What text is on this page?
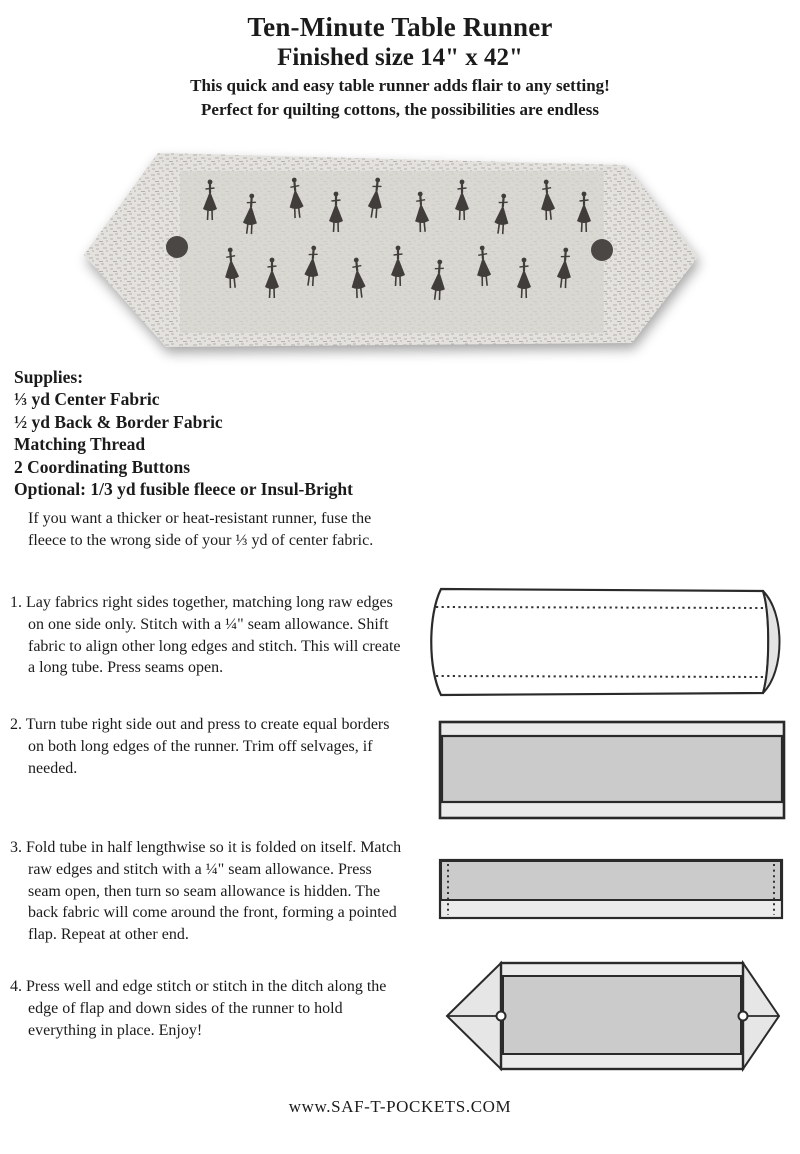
Ten-Minute Table Runner
Finished size 14" x 42"
This quick and easy table runner adds flair to any setting!
Perfect for quilting cottons, the possibilities are endless
Supplies:
⅓ yd Center Fabric
½ yd Back & Border Fabric
Matching Thread
2 Coordinating Buttons
Optional: 1/3 yd fusible fleece or Insul-Bright
If you want a thicker or heat-resistant runner, fuse the fleece to the wrong side of your ⅓ yd of center fabric.
1. Lay fabrics right sides together, matching long raw edges on one side only. Stitch with a ¼" seam allowance. Shift fabric to align other long edges and stitch. This will create a long tube. Press seams open.
2. Turn tube right side out and press to create equal borders on both long edges of the runner. Trim off selvages, if needed.
3. Fold tube in half lengthwise so it is folded on itself. Match raw edges and stitch with a ¼" seam allowance. Press seam open, then turn so seam allowance is hidden. The back fabric will come around the front, forming a pointed flap. Repeat at other end.
4. Press well and edge stitch or stitch in the ditch along the edge of flap and down sides of the runner to hold everything in place. Enjoy!
www.SAF-T-POCKETS.COM
